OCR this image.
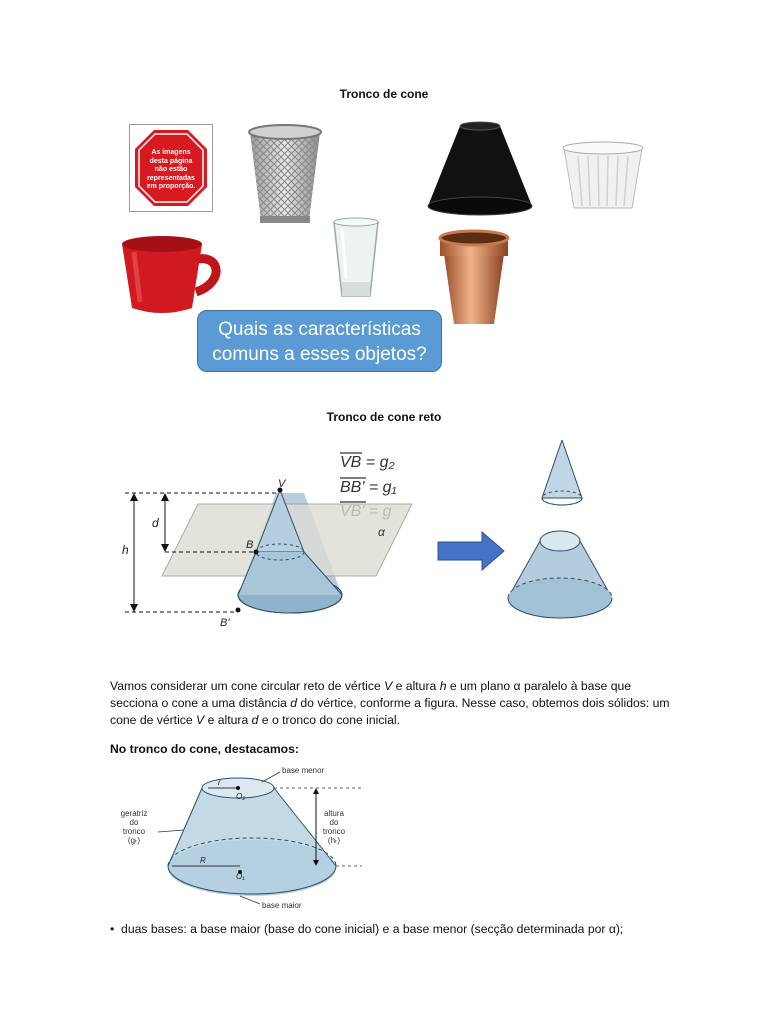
Tronco de cone
As imagens
desta página
não estão
representadas
em proporção.
Quais as características
comuns a esses objetos?
Tronco de cone reto
VB = g₂
BB' = g₁
α
V
B
B'
h
d
Vamos considerar um cone circular reto de vértice V e altura h e um plano α paralelo à base que secciona o cone a uma distância d do vértice, conforme a figura. Nesse caso, obtemos dois sólidos: um cone de vértice V e altura d e o tronco do cone inicial.
No tronco do cone, destacamos:
r
R
O₂
O₁
base menor
base maior
geratriz
do
tronco
(gₜ)
altura
do
tronco
(hₜ)
•  duas bases: a base maior (base do cone inicial) e a base menor (secção determinada por α);
